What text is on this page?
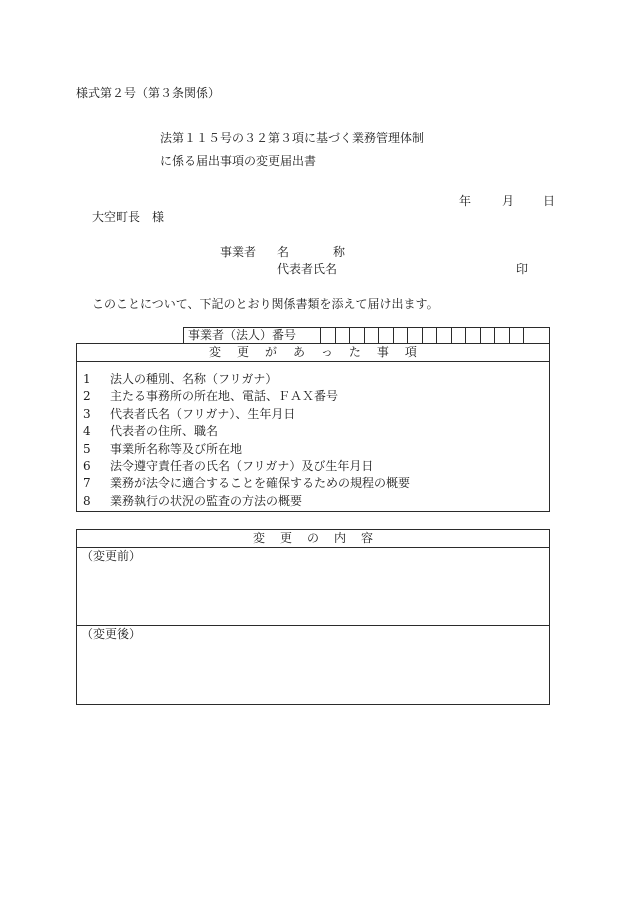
様式第２号（第３条関係）
法第１１５号の３２第３項に基づく業務管理体制
に係る届出事項の変更届出書
年	月 日
大空町長　様
事業者 名	称
代表者氏名	印
このことについて、下記のとおり関係書類を添えて届け出ます。
事業者（法人）番号
変更があった事項
1	法人の種別、名称（フリガナ）
2	主たる事務所の所在地、電話、ＦＡＸ番号
3	代表者氏名（フリガナ）、生年月日
4	代表者の住所、職名
5	事業所名称等及び所在地
6	法令遵守責任者の氏名（フリガナ）及び生年月日
7	業務が法令に適合することを確保するための規程の概要
8	業務執行の状況の監査の方法の概要
変更の内容
（変更前）
（変更後）
